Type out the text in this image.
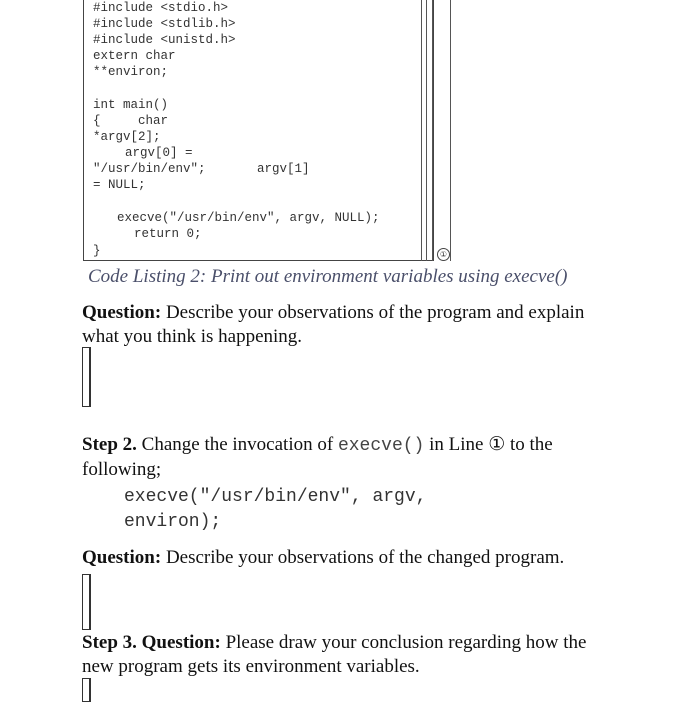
#include <stdio.h>
#include <stdlib.h>
#include <unistd.h>
extern char
**environ;
int main()
{     char
*argv[2];
argv[0] =
"/usr/bin/env";	argv[1]
= NULL;
execve("/usr/bin/env", argv, NULL);
return 0;
}	①
Code Listing 2: Print out environment variables using execve()
Question: Describe your observations of the program and explain what you think is happening.
Step 2. Change the invocation of execve() in Line ① to the following;
execve("/usr/bin/env", argv,
environ);
Question: Describe your observations of the changed program.
Step 3. Question: Please draw your conclusion regarding how the new program gets its environment variables.
